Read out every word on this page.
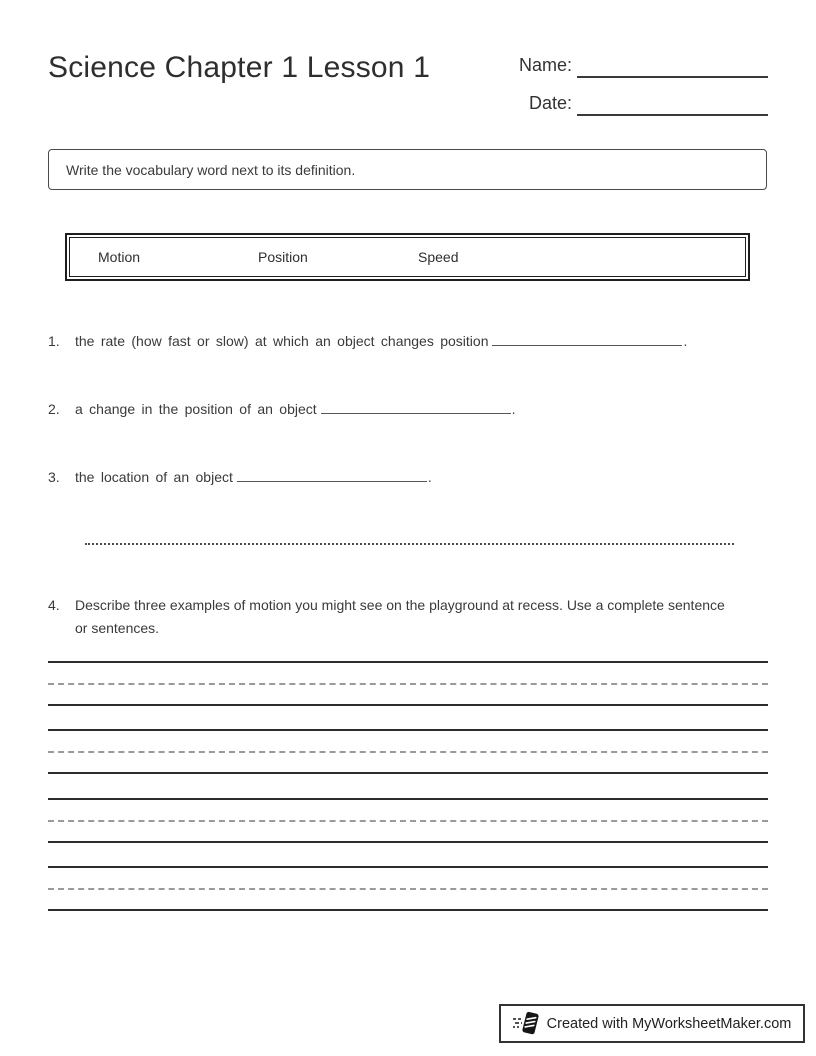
Science Chapter 1 Lesson 1	Name:
Date:
Write the vocabulary word next to its definition.
Motion	Position	Speed
1.	the rate (how fast or slow) at which an object changes position	.
2.	a change in the position of an object	.
3.	the location of an object	.
4.	Describe three examples of motion you might see on the playground at recess. Use a complete sentence or sentences.
Created with MyWorksheetMaker.com
